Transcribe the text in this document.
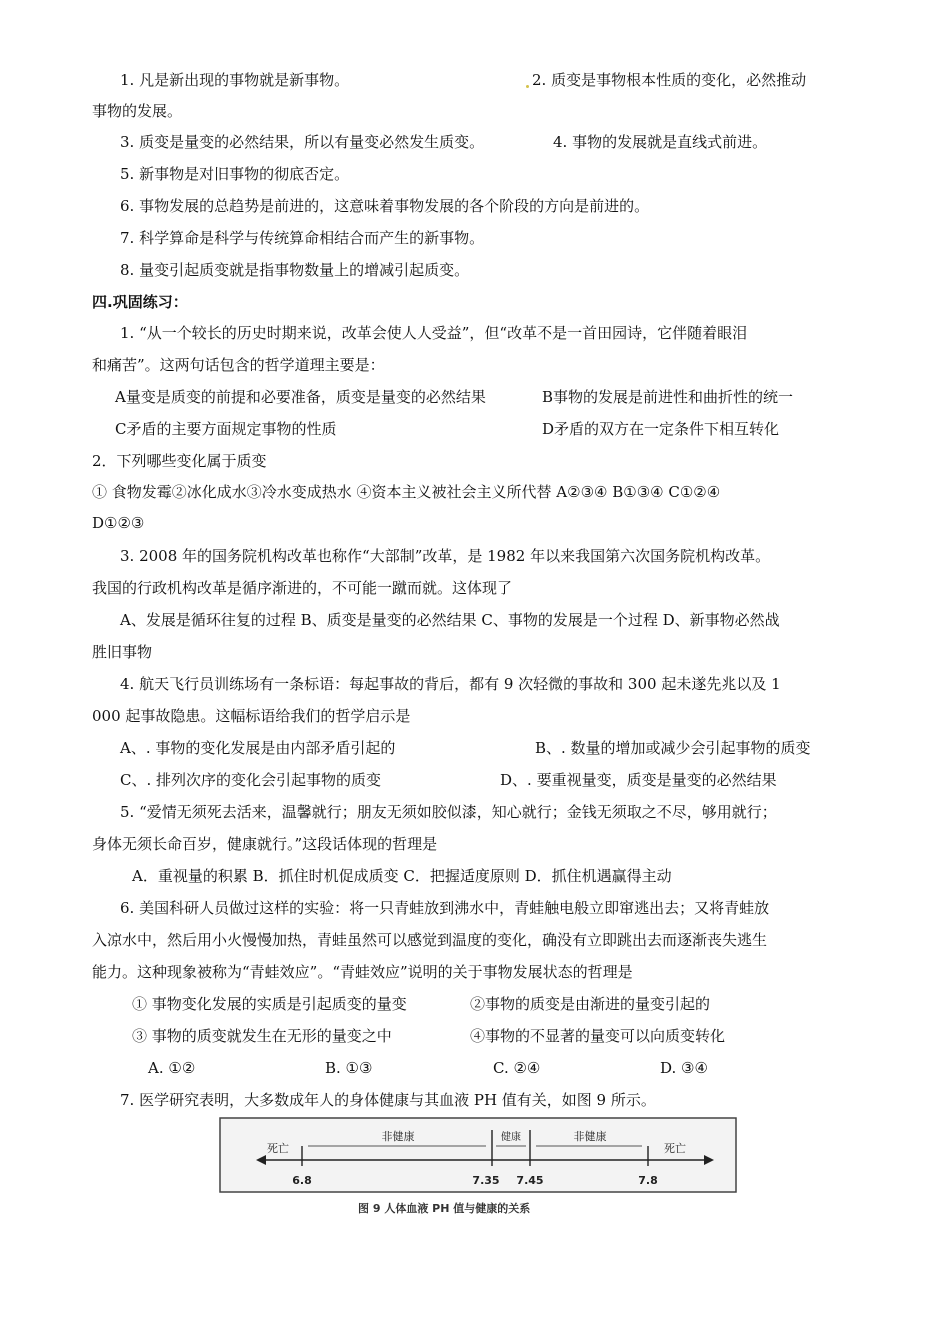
1. 凡是新出现的事物就是新事物。	2. 质变是事物根本性质的变化，必然推动
事物的发展。
3. 质变是量变的必然结果，所以有量变必然发生质变。	4. 事物的发展就是直线式前进。
5. 新事物是对旧事物的彻底否定。
6. 事物发展的总趋势是前进的，这意味着事物发展的各个阶段的方向是前进的。
7. 科学算命是科学与传统算命相结合而产生的新事物。
8. 量变引起质变就是指事物数量上的增减引起质变。
四.巩固练习：
1. “从一个较长的历史时期来说，改革会使人人受益”，但“改革不是一首田园诗，它伴随着眼泪
和痛苦”。这两句话包含的哲学道理主要是：
A量变是质变的前提和必要准备，质变是量变的必然结果	B事物的发展是前进性和曲折性的统一
C矛盾的主要方面规定事物的性质	D矛盾的双方在一定条件下相互转化
2．下列哪些变化属于质变
① 食物发霉②冰化成水③冷水变成热水 ④资本主义被社会主义所代替 A②③④ B①③④ C①②④
D①②③
3. 2008 年的国务院机构改革也称作“大部制”改革，是 1982 年以来我国第六次国务院机构改革。
我国的行政机构改革是循序渐进的，不可能一蹴而就。这体现了
A、发展是循环往复的过程 B、质变是量变的必然结果 C、事物的发展是一个过程 D、新事物必然战
胜旧事物
4. 航天飞行员训练场有一条标语：每起事故的背后，都有 9 次轻微的事故和 300 起未遂先兆以及 1
000 起事故隐患。这幅标语给我们的哲学启示是
A、. 事物的变化发展是由内部矛盾引起的	B、. 数量的增加或减少会引起事物的质变
C、. 排列次序的变化会引起事物的质变	D、. 要重视量变，质变是量变的必然结果
5. “爱情无须死去活来，温馨就行；朋友无须如胶似漆，知心就行；金钱无须取之不尽，够用就行；
身体无须长命百岁，健康就行。”这段话体现的哲理是
A．重视量的积累 B．抓住时机促成质变 C．把握适度原则 D．抓住机遇赢得主动
6. 美国科研人员做过这样的实验：将一只青蛙放到沸水中，青蛙触电般立即窜逃出去；又将青蛙放
入凉水中，然后用小火慢慢加热，青蛙虽然可以感觉到温度的变化，确没有立即跳出去而逐渐丧失逃生
能力。这种现象被称为“青蛙效应”。“青蛙效应”说明的关于事物发展状态的哲理是
① 事物变化发展的实质是引起质变的量变	②事物的质变是由渐进的量变引起的
③ 事物的质变就发生在无形的量变之中	④事物的不显著的量变可以向质变转化
A. ①②	B. ①③	C. ②④	D. ③④
7. 医学研究表明，大多数成年人的身体健康与其血液 PH 值有关，如图 9 所示。
死亡
非健康	健康	非健康
死亡
6.8	7.35 7.45	7.8
图 9 人体血液 PH 值与健康的关系
